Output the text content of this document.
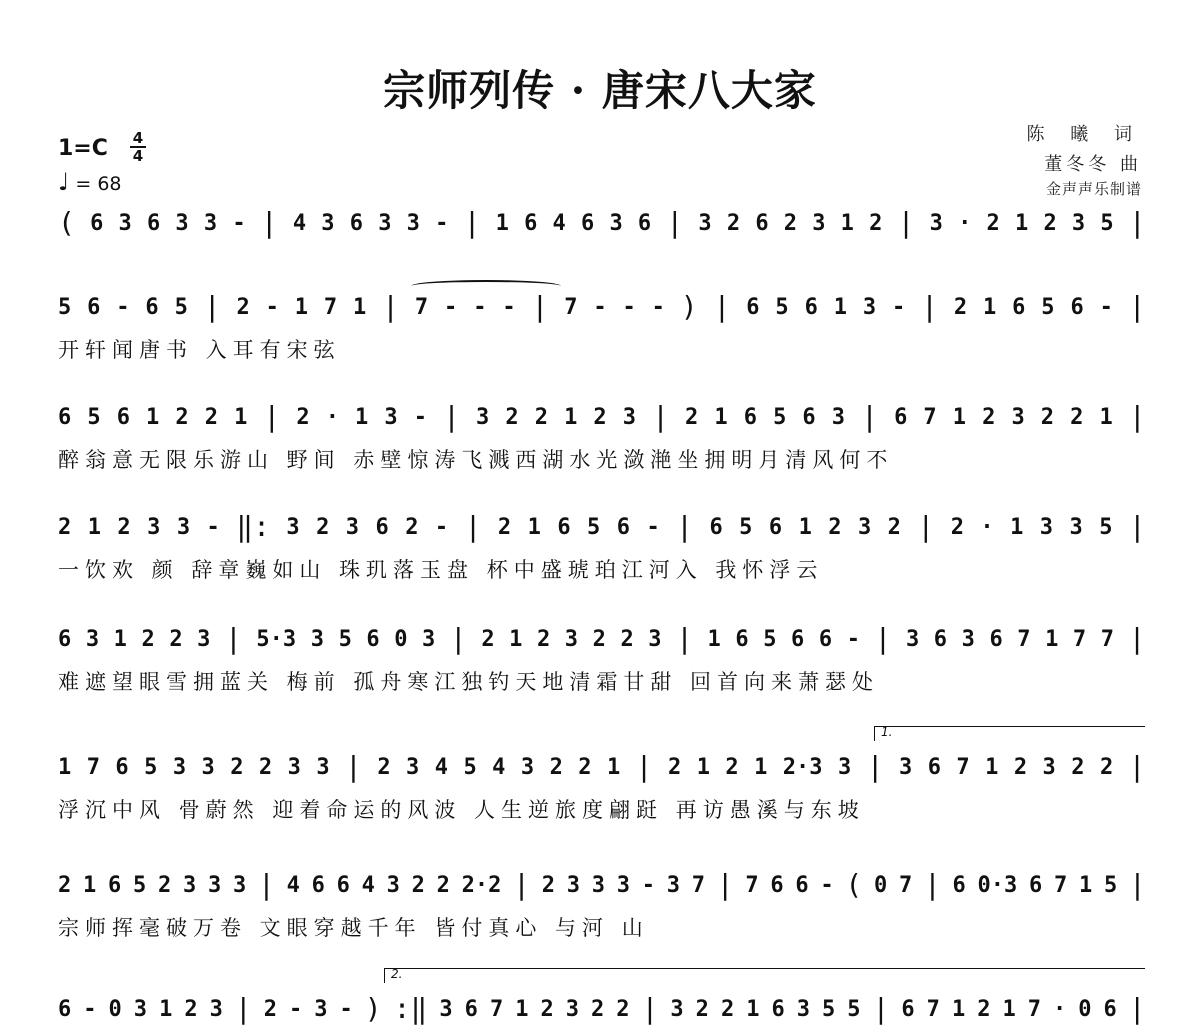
宗师列传 · 唐宋八大家
1=C 4
4
♩ = 68
陈 曦 词
董冬冬 曲
金声声乐制谱
( 6 3 6 3 3 - | 4 3 6 3 3 - | 1 6 4 6 3 6 | 3 2 6 2 3 1 2 | 3 · 2 1 2 3 5 |
5 6 - 6 5 | 2 - 1 7 1 | 7 - - - | 7 - - - ) | 6 5 6 1 3 - | 2 1 6 5 6 - |
开轩闻唐书 入耳有宋弦
6 5 6 1 2 2 1 | 2 · 1 3 - | 3 2 2 1 2 3 | 2 1 6 5 6 3 | 6 7 1 2 3 2 2 1 |
醉翁意无限乐游山 野间 赤壁惊涛飞溅西湖水光潋滟坐拥明月清风何不
2 1 2 3 3 - ‖: 3 2 3 6 2 - | 2 1 6 5 6 - | 6 5 6 1 2 3 2 | 2 · 1 3 3 5 |
一饮欢 颜 辞章巍如山 珠玑落玉盘 杯中盛琥珀江河入 我怀浮云
6 3 1 2 2 3 | 5·3 3 5 6 0 3 | 2 1 2 3 2 2 3 | 1 6 5 6 6 - | 3 6 3 6 7 1 7 7 |
难遮望眼雪拥蓝关 梅前 孤舟寒江独钓天地清霜甘甜 回首向来萧瑟处
1 7 6 5 3 3 2 2 3 3 | 2 3 4 5 4 3 2 2 1 | 2 1 2 1 2·3 3 | 3 6 7 1 2 3 2 2 |
浮沉中风 骨蔚然 迎着命运的风波 人生逆旅度翩跹 再访愚溪与东坡
1.
2 1 6 5 2 3 3 3 | 4 6 6 4 3 2 2 2·2 | 2 3 3 3 - 3 7 | 7 6 6 - ( 0 7 | 6 0·3 6 7 1 5 |
宗师挥毫破万卷 文眼穿越千年 皆付真心 与河 山
6 - 0 3 1 2 3 | 2 - 3 - ) :‖ 3 6 7 1 2 3 2 2 | 3 2 2 1 6 3 5 5 | 6 7 1 2 1 7 · 0 6 |
2.
